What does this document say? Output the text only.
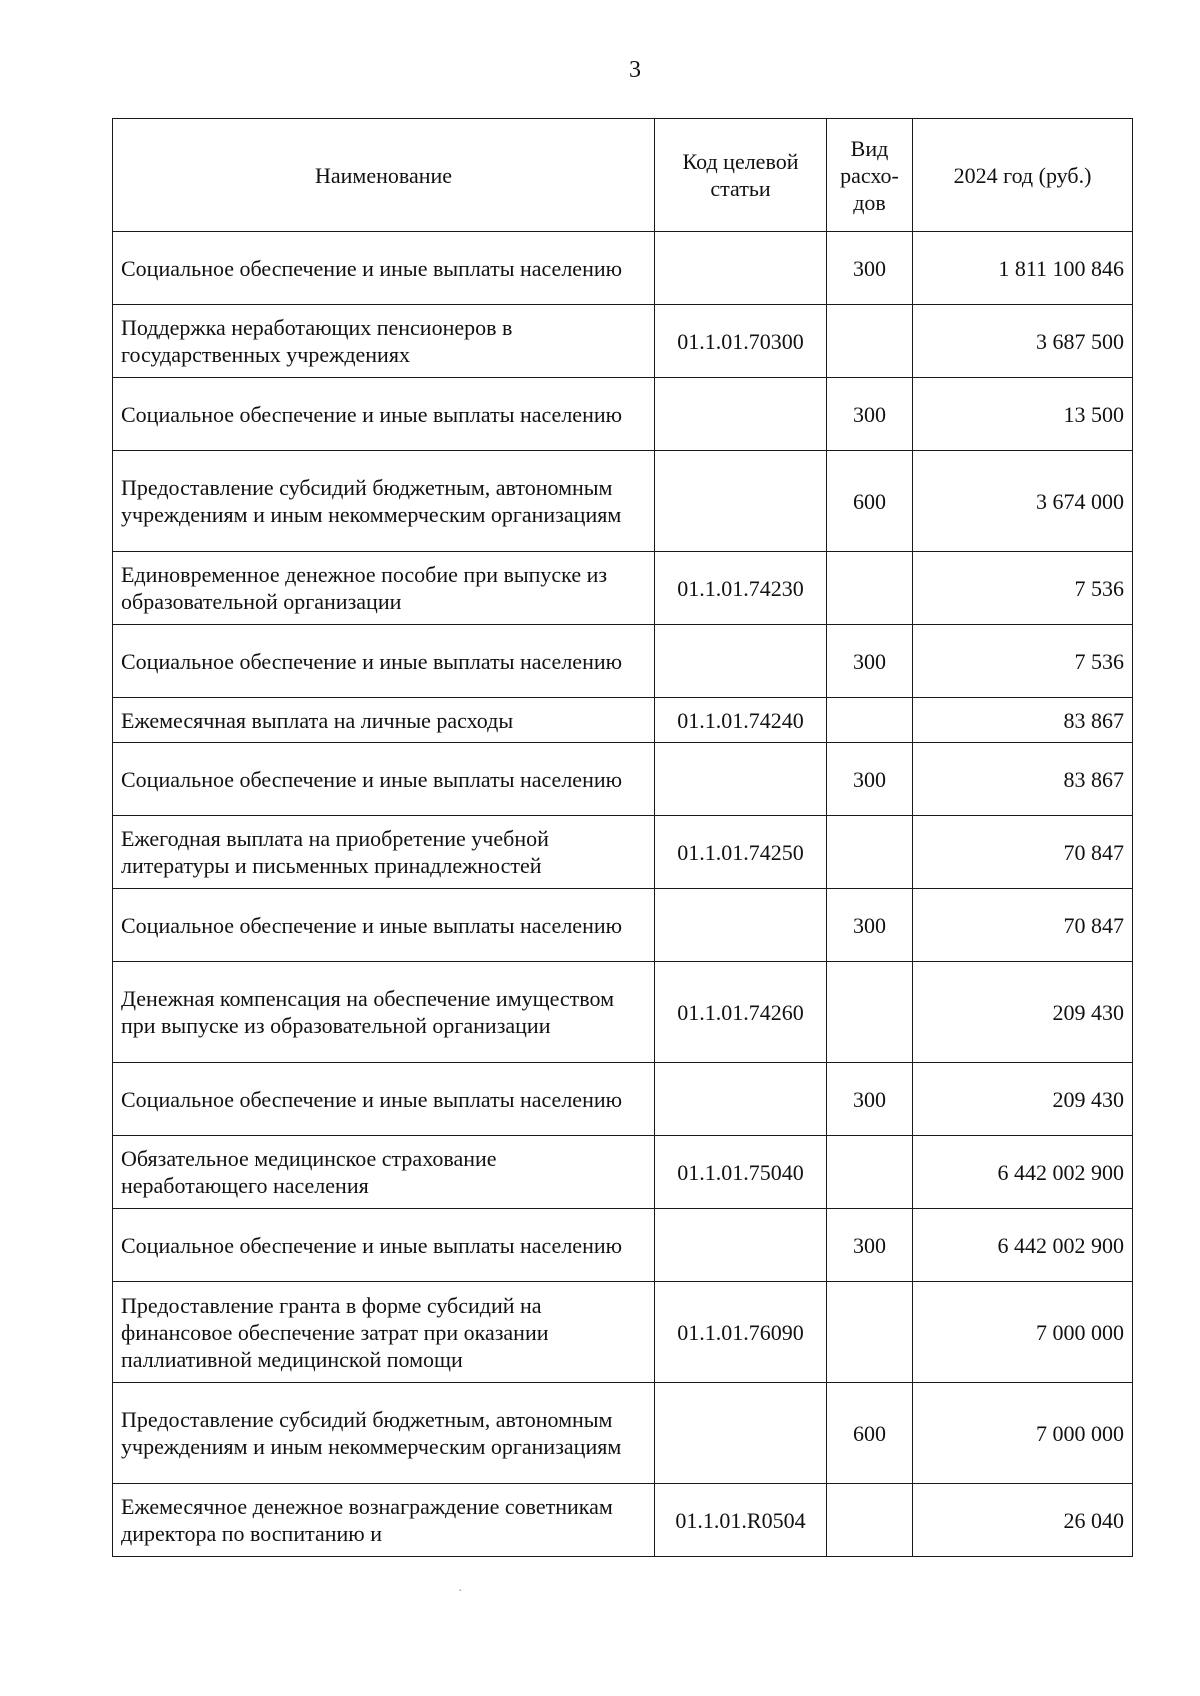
3
Наименование	Код целевой статьи	Вид расхо-дов	2024 год (руб.)
Социальное обеспечение и иные выплаты населению		300	1 811 100 846
Поддержка неработающих пенсионеров в государственных учреждениях	01.1.01.70300		3 687 500
Социальное обеспечение и иные выплаты населению		300	13 500
Предоставление субсидий бюджетным, автономным учреждениям и иным некоммерческим организациям		600	3 674 000
Единовременное денежное пособие при выпуске из образовательной организации	01.1.01.74230		7 536
Социальное обеспечение и иные выплаты населению		300	7 536
Ежемесячная выплата на личные расходы	01.1.01.74240		83 867
Социальное обеспечение и иные выплаты населению		300	83 867
Ежегодная выплата на приобретение учебной литературы и письменных принадлежностей	01.1.01.74250		70 847
Социальное обеспечение и иные выплаты населению		300	70 847
Денежная компенсация на обеспечение имуществом при выпуске из образовательной организации	01.1.01.74260		209 430
Социальное обеспечение и иные выплаты населению		300	209 430
Обязательное медицинское страхование неработающего населения	01.1.01.75040		6 442 002 900
Социальное обеспечение и иные выплаты населению		300	6 442 002 900
Предоставление гранта в форме субсидий на финансовое обеспечение затрат при оказании паллиативной медицинской помощи	01.1.01.76090		7 000 000
Предоставление субсидий бюджетным, автономным учреждениям и иным некоммерческим организациям		600	7 000 000
Ежемесячное денежное вознаграждение советникам директора по воспитанию и	01.1.01.R0504		26 040
·
